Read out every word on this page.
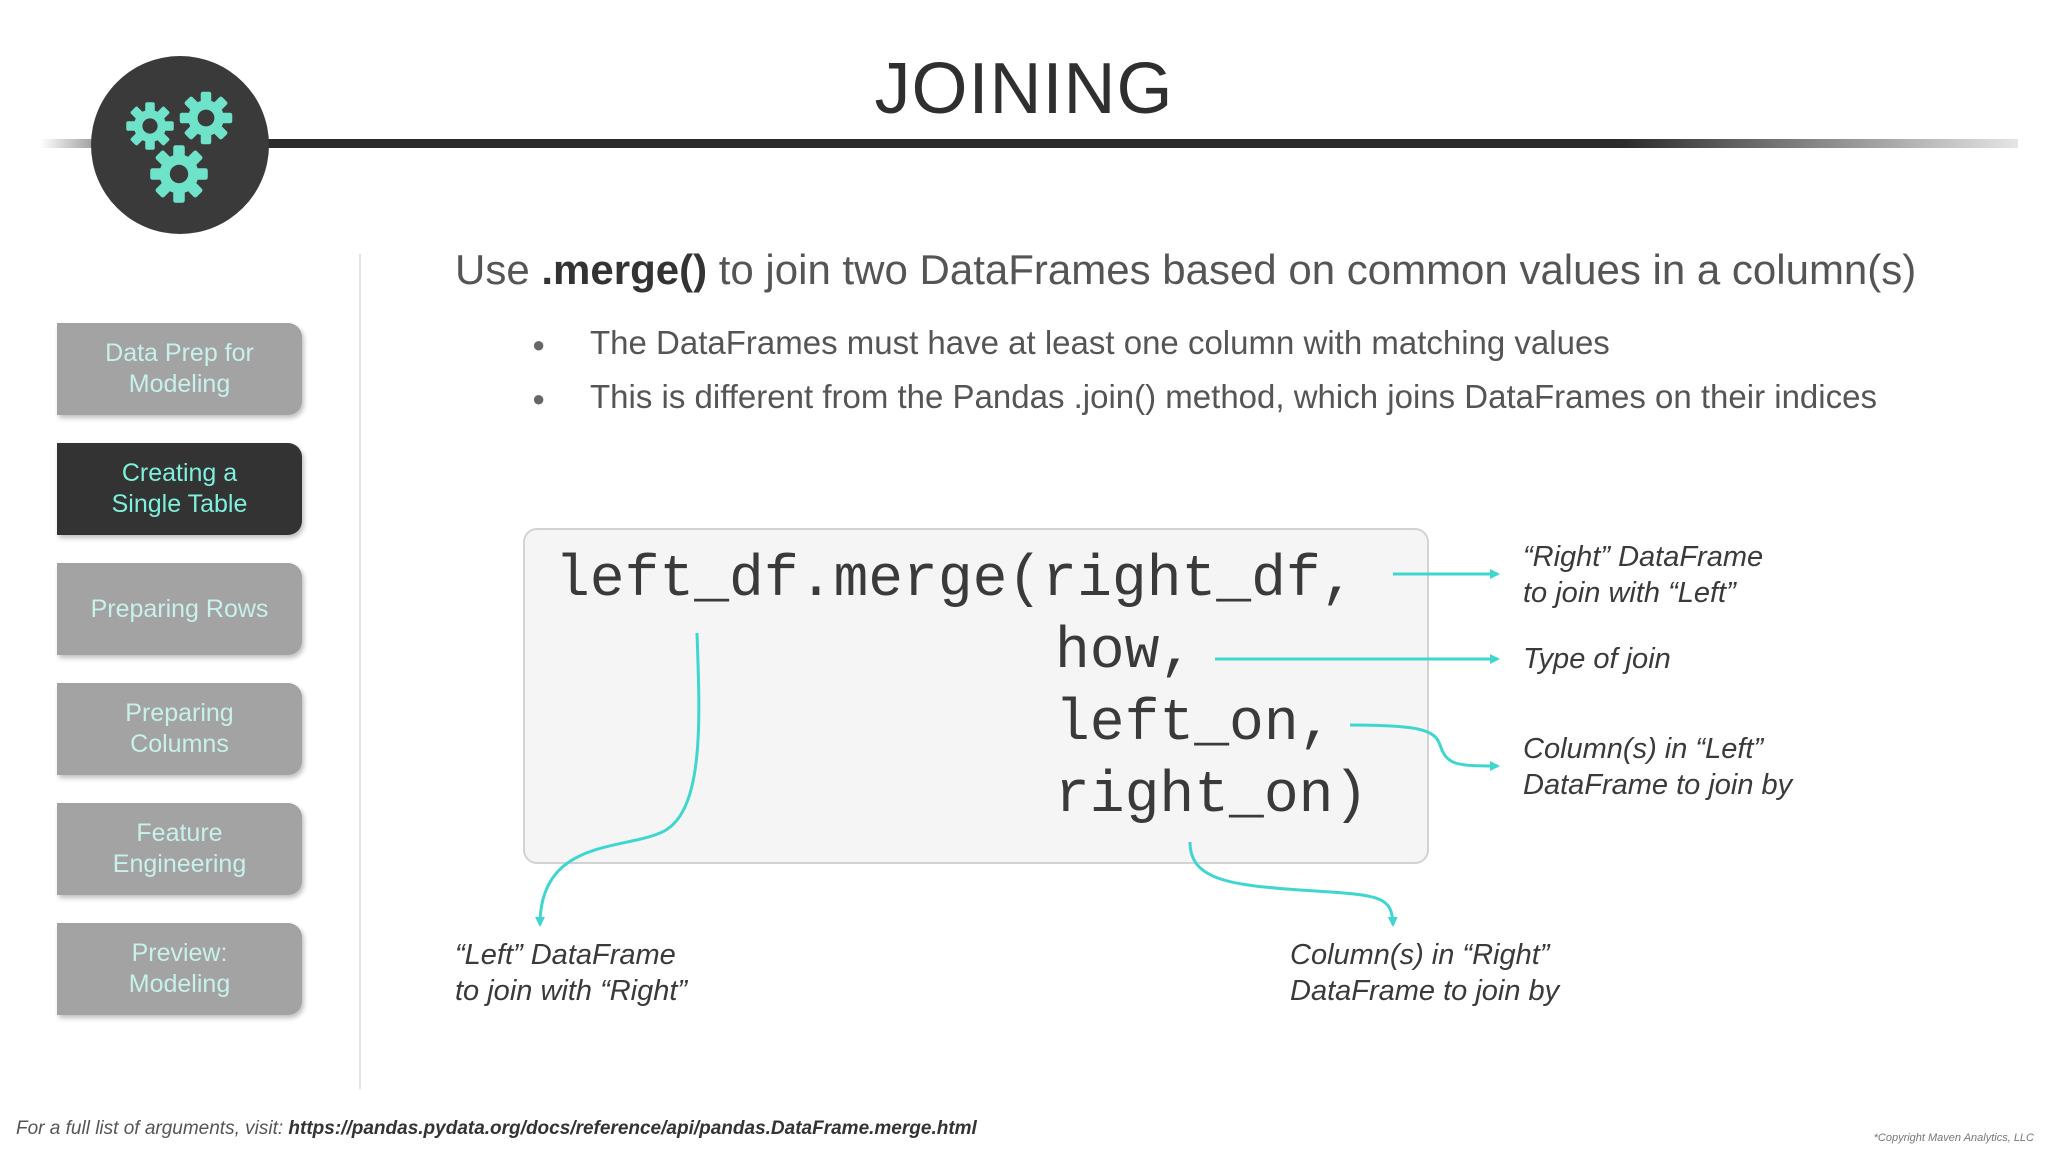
JOINING
Data Prep for
Modeling
Creating a
Single Table
Preparing Rows
Preparing
Columns
Feature
Engineering
Preview:
Modeling
Use .merge() to join two DataFrames based on common values in a column(s)
● The DataFrames must have at least one column with matching values
● This is different from the Pandas .join() method, which joins DataFrames on their indices
left_df.merge(right_df,
how,
left_on,
right_on)
“Right” DataFrame
to join with “Left”
Type of join
Column(s) in “Left”
DataFrame to join by
“Left” DataFrame
to join with “Right”
Column(s) in “Right”
DataFrame to join by
For a full list of arguments, visit: https://pandas.pydata.org/docs/reference/api/pandas.DataFrame.merge.html	*Copyright Maven Analytics, LLC
